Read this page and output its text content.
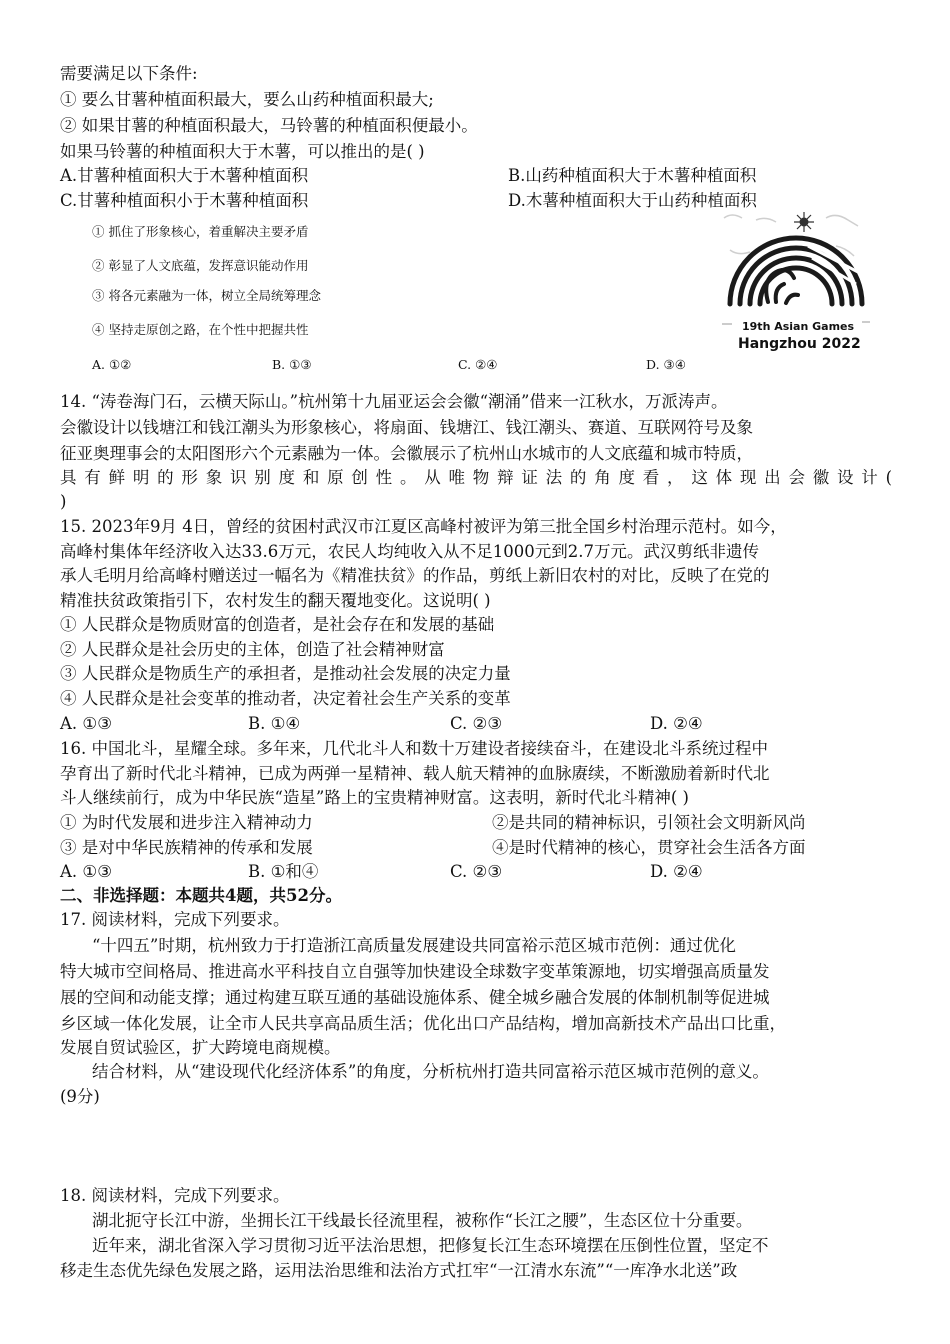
需要满足以下条件:
① 要么甘薯种植面积最大，要么山药种植面积最大;
② 如果甘薯的种植面积最大，马铃薯的种植面积便最小。
如果马铃薯的种植面积大于木薯，可以推出的是( )
A.甘薯种植面积大于木薯种植面积	B.山药种植面积大于木薯种植面积
C.甘薯种植面积小于木薯种植面积	D.木薯种植面积大于山药种植面积
① 抓住了形象核心，着重解决主要矛盾
② 彰显了人文底蕴，发挥意识能动作用
③ 将各元素融为一体，树立全局统筹理念
④ 坚持走原创之路，在个性中把握共性
A. ①②	B. ①③	C. ②④	D. ③④
19th Asian Games
Hangzhou 2022
14. “涛卷海门石，云横天际山。”杭州第十九届亚运会会徽“潮涌”借来一江秋水，万派涛声。
会徽设计以钱塘江和钱江潮头为形象核心，将扇面、钱塘江、钱江潮头、赛道、互联网符号及象
征亚奥理事会的太阳图形六个元素融为一体。会徽展示了杭州山水城市的人文底蕴和城市特质，
具有鲜明的形象识别度和原创性。从唯物辩证法的角度看，这体现出会徽设计(
)
15. 2023年9月 4日，曾经的贫困村武汉市江夏区高峰村被评为第三批全国乡村治理示范村。如今，
高峰村集体年经济收入达33.6万元，农民人均纯收入从不足1000元到2.7万元。武汉剪纸非遗传
承人毛明月给高峰村赠送过一幅名为《精准扶贫》的作品，剪纸上新旧农村的对比，反映了在党的
精准扶贫政策指引下，农村发生的翻天覆地变化。这说明( )
① 人民群众是物质财富的创造者，是社会存在和发展的基础
② 人民群众是社会历史的主体，创造了社会精神财富
③ 人民群众是物质生产的承担者，是推动社会发展的决定力量
④ 人民群众是社会变革的推动者，决定着社会生产关系的变革
A. ①③	B. ①④	C. ②③	D. ②④
16. 中国北斗，星耀全球。多年来，几代北斗人和数十万建设者接续奋斗，在建设北斗系统过程中
孕育出了新时代北斗精神，已成为两弹一星精神、载人航天精神的血脉赓续，不断激励着新时代北
斗人继续前行，成为中华民族“造星”路上的宝贵精神财富。这表明，新时代北斗精神( )
① 为时代发展和进步注入精神动力	②是共同的精神标识，引领社会文明新风尚
③ 是对中华民族精神的传承和发展	④是时代精神的核心，贯穿社会生活各方面
A. ①③	B. ①和④	C. ②③	D. ②④
二、非选择题：本题共4题，共52分。
17. 阅读材料，完成下列要求。
“十四五”时期，杭州致力于打造浙江高质量发展建设共同富裕示范区城市范例：通过优化
特大城市空间格局、推进高水平科技自立自强等加快建设全球数字变革策源地，切实增强高质量发
展的空间和动能支撑；通过构建互联互通的基础设施体系、健全城乡融合发展的体制机制等促进城
乡区域一体化发展，让全市人民共享高品质生活；优化出口产品结构，增加高新技术产品出口比重，
发展自贸试验区，扩大跨境电商规模。
结合材料，从“建设现代化经济体系”的角度，分析杭州打造共同富裕示范区城市范例的意义。
(9分)
18. 阅读材料，完成下列要求。
湖北扼守长江中游，坐拥长江干线最长径流里程，被称作“长江之腰”，生态区位十分重要。
近年来，湖北省深入学习贯彻习近平法治思想，把修复长江生态环境摆在压倒性位置，坚定不
移走生态优先绿色发展之路，运用法治思维和法治方式扛牢“一江清水东流”“一库净水北送”政
